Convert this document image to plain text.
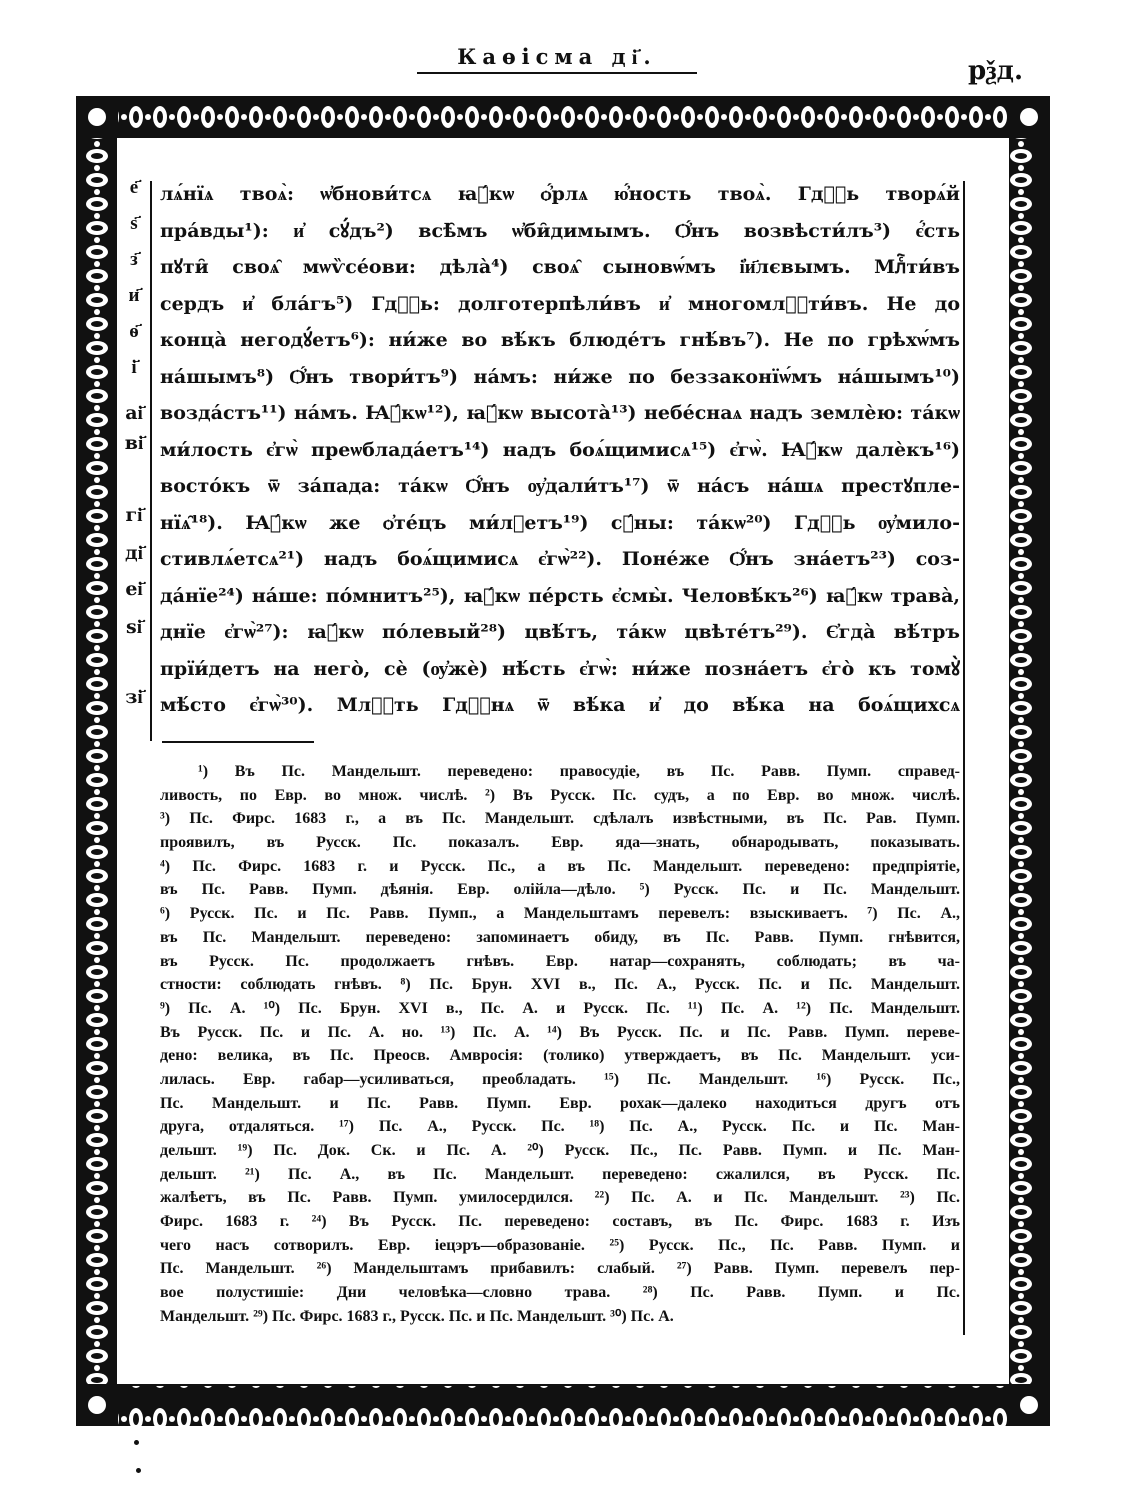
Каѳісма ді҃.	рѯд.
е҃
ѕ҃
з҃
и҃
ѳ҃
і҃
аі҃
ві҃
гі҃
ді҃
еі҃
ѕі҃
зі҃
лѧ́нїѧ твоѧ̀: ѡ҆бнови́тсѧ ꙗ҆́кѡ ѻ҆́рлѧ ю҆́ность твоѧ̀. Гдⷭ҇ь творѧ́й
пра́вды¹): и҆ сꙋ́дъ²) всѣ̑мъ ѡ҆би̑димымъ. Ѻ҆́нъ возвѣсти́лъ³) є҆́сть
пꙋти̑ своѧ̑ мѡѷсе́ови: дѣла̀⁴) своѧ̑ сыновѡ́мъ і҆и҃лєвымъ. Млⷭ҇ти́въ
сердъ и҆ бла́гъ⁵) Гдⷭ҇ь: долготерпѣли́въ и҆ многомлⷭ҇ти́въ. Не до
конца̀ негодꙋ́етъ⁶): ни́же во вѣ́къ блюде́тъ гнѣ́въ⁷). Не по грѣхѡ́мъ
на́шымъ⁸) Ѻ҆́нъ твори́тъ⁹) на́мъ: ни́же по беззаконїѡ́мъ на́шымъ¹⁰)
возда́стъ¹¹) на́мъ. Ꙗ҆́кѡ¹²), ꙗ҆́кѡ высота̀¹³) небе́снаѧ надъ землѐю: та́кѡ
ми́лость є҆гѡ̀ преѡблада́етъ¹⁴) надъ боѧ́щимисѧ¹⁵) є҆гѡ̀. Ꙗ҆́кѡ далѐкъ¹⁶)
восто́къ ѿ за́пада: та́кѡ Ѻ҆́нъ ѹ҆дали́тъ¹⁷) ѿ на́съ на́шѧ престꙋпле-
нїѧ̑¹⁸). Ꙗ҆́кѡ же ѻ҆те́цъ ми́лꙋетъ¹⁹) сꙋ́ны: та́кѡ²⁰) Гдⷭ҇ь ѹ҆мило-
стивлѧ́етсѧ²¹) надъ боѧ́щимисѧ є҆гѡ̀²²). Поне́же Ѻ҆́нъ зна́етъ²³) соз-
да́нїе²⁴) на́ше: по́мнитъ²⁵), ꙗ҆́кѡ пе́рсть є҆смы̀. Человѣ́къ²⁶) ꙗ҆́кѡ трава̀,
днїе є҆гѡ̀²⁷): ꙗ҆́кѡ по́левый²⁸) цвѣ́тъ, та́кѡ цвѣте́тъ²⁹). Є҆гда̀ вѣ́тръ
прїи́детъ на него̀, сѐ (ѹ҆жѐ) нѣ́сть є҆гѡ̀: ни́же позна́етъ є҆го̀ къ томꙋ̀
мѣ́сто є҆гѡ̀³⁰). Млⷭ҇ть Гдⷭ҇нѧ ѿ вѣ́ка и҆ до вѣ́ка на боѧ́щихсѧ
¹) Въ Пс. Мандельшт. переведено: правосудіе, въ Пс. Равв. Пумп. справед-
ливость, по Евр. во множ. числѣ. ²) Въ Русск. Пс. судъ, а по Евр. во множ. числѣ.
³) Пс. Фирс. 1683 г., а въ Пс. Мандельшт. сдѣлалъ извѣстными, въ Пс. Рав. Пумп.
проявилъ, въ Русск. Пс. показалъ. Евр. яда—знать, обнародывать, показывать.
⁴) Пс. Фирс. 1683 г. и Русск. Пс., а въ Пс. Мандельшт. переведено: предпріятіе,
въ Пс. Равв. Пумп. дѣянія. Евр. олійла—дѣло. ⁵) Русск. Пс. и Пс. Мандельшт.
⁶) Русск. Пс. и Пс. Равв. Пумп., а Мандельштамъ перевелъ: взыскиваетъ. ⁷) Пс. А.,
въ Пс. Мандельшт. переведено: запоминаетъ обиду, въ Пс. Равв. Пумп. гнѣвится,
въ Русск. Пс. продолжаетъ гнѣвъ. Евр. натар—сохранять, соблюдать; въ ча-
стности: соблюдать гнѣвъ. ⁸) Пс. Брун. XVI в., Пс. А., Русск. Пс. и Пс. Мандельшт.
⁹) Пс. А. ¹⁰) Пс. Брун. XVI в., Пс. А. и Русск. Пс. ¹¹) Пс. А. ¹²) Пс. Мандельшт.
Въ Русск. Пс. и Пс. А. но. ¹³) Пс. А. ¹⁴) Въ Русск. Пс. и Пс. Равв. Пумп. переве-
дено: велика, въ Пс. Преосв. Амвросія: (толико) утверждаетъ, въ Пс. Мандельшт. уси-
лилась. Евр. габар—усиливаться, преобладать. ¹⁵) Пс. Мандельшт. ¹⁶) Русск. Пс.,
Пс. Мандельшт. и Пс. Равв. Пумп. Евр. рохак—далеко находиться другъ отъ
друга, отдаляться. ¹⁷) Пс. А., Русск. Пс. ¹⁸) Пс. А., Русск. Пс. и Пс. Ман-
дельшт. ¹⁹) Пс. Док. Ск. и Пс. А. ²⁰) Русск. Пс., Пс. Равв. Пумп. и Пс. Ман-
дельшт. ²¹) Пс. А., въ Пс. Мандельшт. переведено: сжалился, въ Русск. Пс.
жалѣетъ, въ Пс. Равв. Пумп. умилосердился. ²²) Пс. А. и Пс. Мандельшт. ²³) Пс.
Фирс. 1683 г. ²⁴) Въ Русск. Пс. переведено: составъ, въ Пс. Фирс. 1683 г. Изъ
чего насъ сотворилъ. Евр. іецэръ—образованіе. ²⁵) Русск. Пс., Пс. Равв. Пумп. и
Пс. Мандельшт. ²⁶) Мандельштамъ прибавилъ: слабый. ²⁷) Равв. Пумп. перевелъ пер-
вое полустишіе: Дни человѣка—словно трава. ²⁸) Пс. Равв. Пумп. и Пс.
Мандельшт. ²⁹) Пс. Фирс. 1683 г., Русск. Пс. и Пс. Мандельшт. ³⁰) Пс. А.
